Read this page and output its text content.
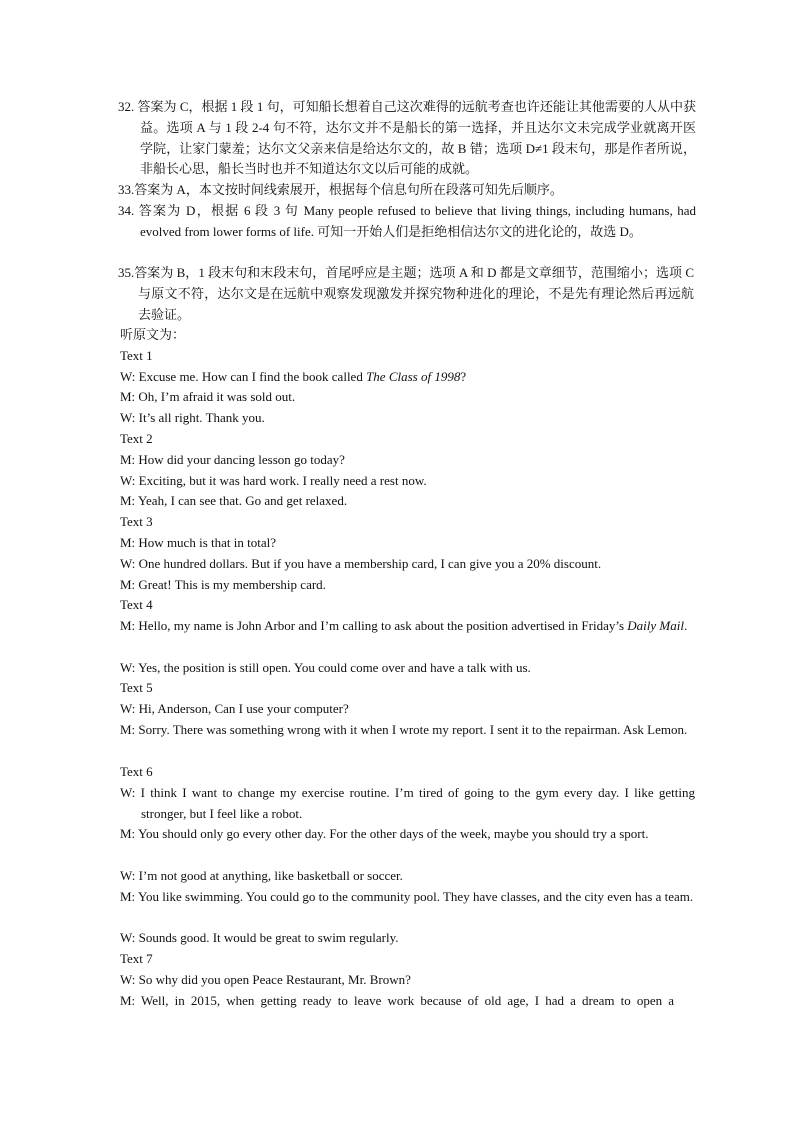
32. 答案为 C，根据 1 段 1 句，可知船长想着自己这次难得的远航考查也许还能让其他需要的人从中获益。选项 A 与 1 段 2-4 句不符，达尔文并不是船长的第一选择，并且达尔文未完成学业就离开医学院，让家门蒙羞；达尔文父亲来信是给达尔文的，故 B 错；选项 D≠1 段末句，那是作者所说，非船长心思，船长当时也并不知道达尔文以后可能的成就。

33.答案为 A，本文按时间线索展开，根据每个信息句所在段落可知先后顺序。

34. 答案为 D，根据 6 段 3 句 Many people refused to believe that living things, including humans, had evolved from lower forms of life. 可知一开始人们是拒绝相信达尔文的进化论的，故选 D。

35.答案为 B，1 段末句和末段末句，首尾呼应是主题；选项 A 和 D 都是文章细节，范围缩小；选项 C 与原文不符，达尔文是在远航中观察发现激发并探究物种进化的理论，不是先有理论然后再远航去验证。

听原文为：
Text 1
W: Excuse me. How can I find the book called The Class of 1998?
M: Oh, I’m afraid it was sold out.
W: It’s all right. Thank you.
Text 2
M: How did your dancing lesson go today?
W: Exciting, but it was hard work. I really need a rest now.
M: Yeah, I can see that. Go and get relaxed.
Text 3
M: How much is that in total?
W: One hundred dollars. But if you have a membership card, I can give you a 20% discount.
M: Great! This is my membership card.
Text 4

M: Hello, my name is John Arbor and I’m calling to ask about the position advertised in Friday’s Daily Mail.

W: Yes, the position is still open. You could come over and have a talk with us.
Text 5
W: Hi, Anderson, Can I use your computer?

M: Sorry. There was something wrong with it when I wrote my report. I sent it to the repairman. Ask Lemon.

Text 6

W: I think I want to change my exercise routine. I’m tired of going to the gym every day. I like getting stronger, but I feel like a robot.

M: You should only go every other day. For the other days of the week, maybe you should try a sport.

W: I’m not good at anything, like basketball or soccer.

M: You like swimming. You could go to the community pool. They have classes, and the city even has a team.

W: Sounds good. It would be great to swim regularly.
Text 7
W: So why did you open Peace Restaurant, Mr. Brown?

M: Well, in 2015, when getting ready to leave work because of old age, I had a dream to open a
